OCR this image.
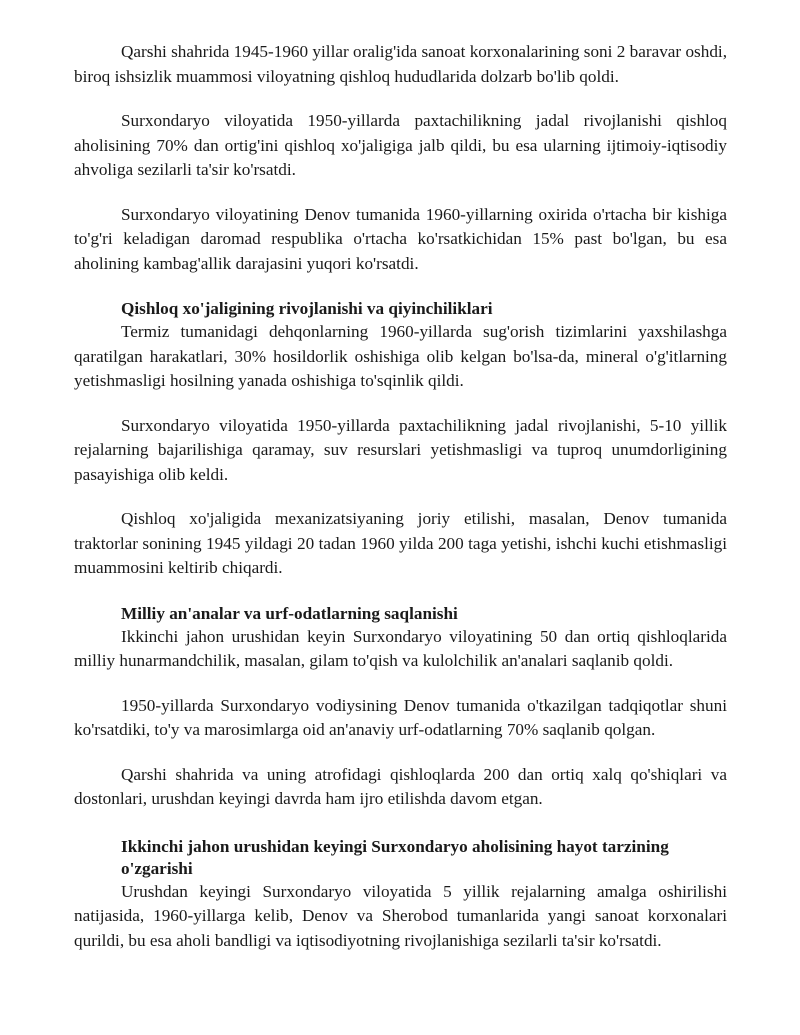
Qarshi shahrida 1945-1960 yillar oralig'ida sanoat korxonalarining soni 2 baravar oshdi, biroq ishsizlik muammosi viloyatning qishloq hududlarida dolzarb bo'lib qoldi.

Surxondaryo viloyatida 1950-yillarda paxtachilikning jadal rivojlanishi qishloq aholisining 70% dan ortig'ini qishloq xo'jaligiga jalb qildi, bu esa ularning ijtimoiy-iqtisodiy ahvoliga sezilarli ta'sir ko'rsatdi.

Surxondaryo viloyatining Denov tumanida 1960-yillarning oxirida o'rtacha bir kishiga to'g'ri keladigan daromad respublika o'rtacha ko'rsatkichidan 15% past bo'lgan, bu esa aholining kambag'allik darajasini yuqori ko'rsatdi.

Qishloq xo'jaligining rivojlanishi va qiyinchiliklari

Termiz tumanidagi dehqonlarning 1960-yillarda sug'orish tizimlarini yaxshilashga qaratilgan harakatlari, 30% hosildorlik oshishiga olib kelgan bo'lsa-da, mineral o'g'itlarning yetishmasligi hosilning yanada oshishiga to'sqinlik qildi.

Surxondaryo viloyatida 1950-yillarda paxtachilikning jadal rivojlanishi, 5-10 yillik rejalarning bajarilishiga qaramay, suv resurslari yetishmasligi va tuproq unumdorligining pasayishiga olib keldi.

Qishloq xo'jaligida mexanizatsiyaning joriy etilishi, masalan, Denov tumanida traktorlar sonining 1945 yildagi 20 tadan 1960 yilda 200 taga yetishi, ishchi kuchi etishmasligi muammosini keltirib chiqardi.

Milliy an'analar va urf-odatlarning saqlanishi

Ikkinchi jahon urushidan keyin Surxondaryo viloyatining 50 dan ortiq qishloqlarida milliy hunarmandchilik, masalan, gilam to'qish va kulolchilik an'analari saqlanib qoldi.

1950-yillarda Surxondaryo vodiysining Denov tumanida o'tkazilgan tadqiqotlar shuni ko'rsatdiki, to'y va marosimlarga oid an'anaviy urf-odatlarning 70% saqlanib qolgan.

Qarshi shahrida va uning atrofidagi qishloqlarda 200 dan ortiq xalq qo'shiqlari va dostonlari, urushdan keyingi davrda ham ijro etilishda davom etgan.

Ikkinchi jahon urushidan keyingi Surxondaryo aholisining hayot tarzining o'zgarishi

Urushdan keyingi Surxondaryo viloyatida 5 yillik rejalarning amalga oshirilishi natijasida, 1960-yillarga kelib, Denov va Sherobod tumanlarida yangi sanoat korxonalari qurildi, bu esa aholi bandligi va iqtisodiyotning rivojlanishiga sezilarli ta'sir ko'rsatdi.
